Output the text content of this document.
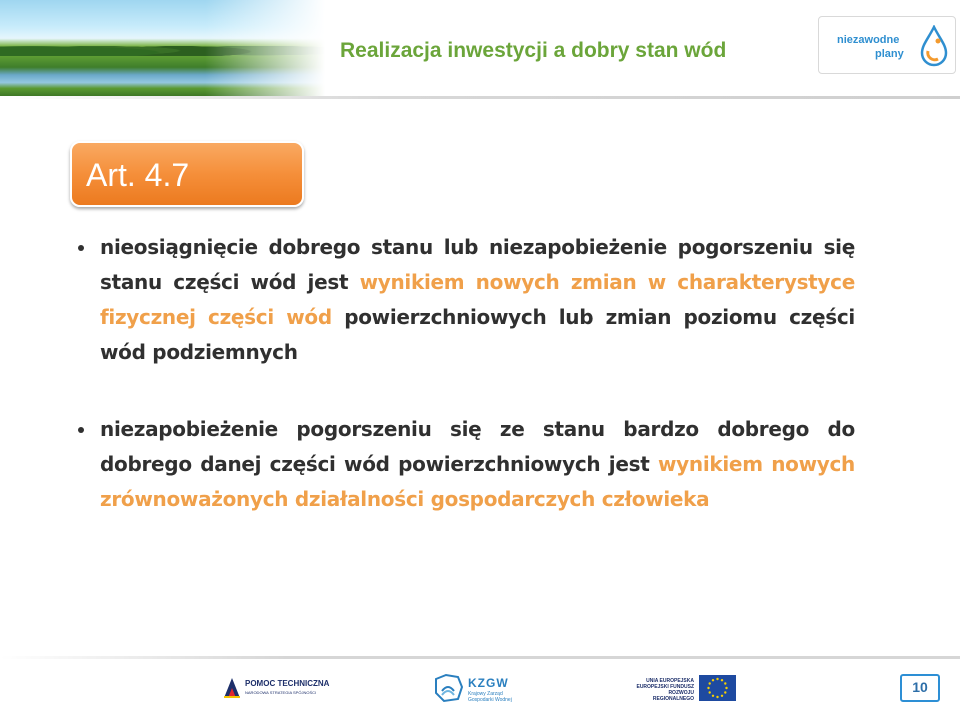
Realizacja inwestycji a dobry stan wód	niezawodne
plany
Art. 4.7
nieosiągnięcie dobrego stanu lub niezapobieżenie pogorszeniu się stanu części wód jest wynikiem nowych zmian w charakterystyce fizycznej części wód powierzchniowych lub zmian poziomu części wód podziemnych
niezapobieżenie pogorszeniu się ze stanu bardzo dobrego do dobrego danej części wód powierzchniowych jest wynikiem nowych zrównoważonych działalności gospodarczych człowieka
POMOC TECHNICZNA
NARODOWA STRATEGIA SPÓJNOŚCI
KZGW
Krajowy Zarząd Gospodarki Wodnej
UNIA EUROPEJSKA EUROPEJSKI FUNDUSZ ROZWOJU REGIONALNEGO
10
